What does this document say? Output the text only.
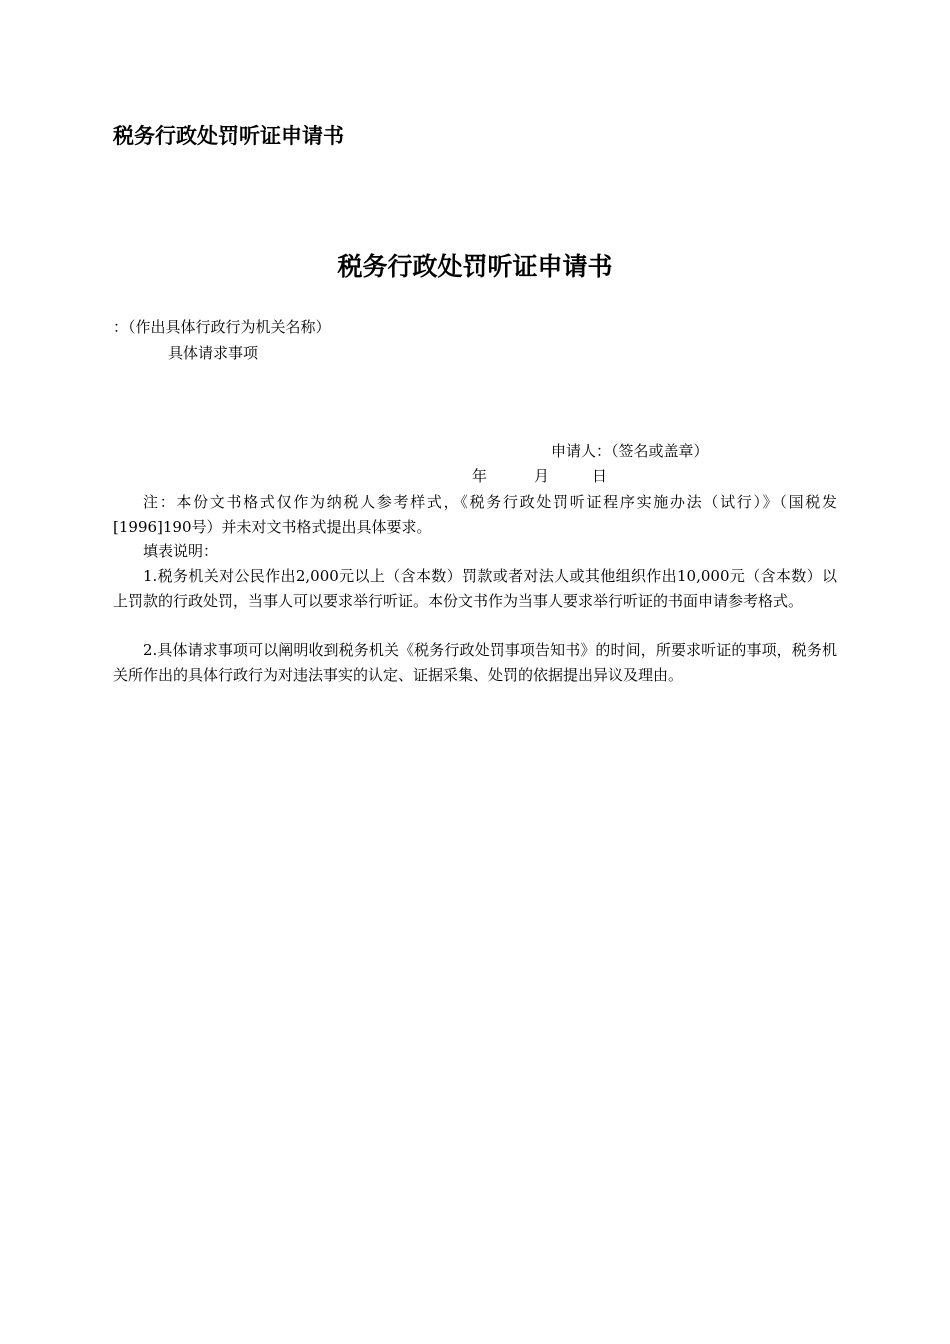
税务行政处罚听证申请书
税务行政处罚听证申请书
：（作出具体行政行为机关名称）
具体请求事项
申请人：（签名或盖章）
年	月	日

注：本份文书格式仅作为纳税人参考样式，《税务行政处罚听证程序实施办法（试行）》（国税发[1996]190号）并未对文书格式提出具体要求。

填表说明：

1.税务机关对公民作出2,000元以上（含本数）罚款或者对法人或其他组织作出10,000元（含本数）以上罚款的行政处罚，当事人可以要求举行听证。本份文书作为当事人要求举行听证的书面申请参考格式。

2.具体请求事项可以阐明收到税务机关《税务行政处罚事项告知书》的时间，所要求听证的事项，税务机关所作出的具体行政行为对违法事实的认定、证据采集、处罚的依据提出异议及理由。
